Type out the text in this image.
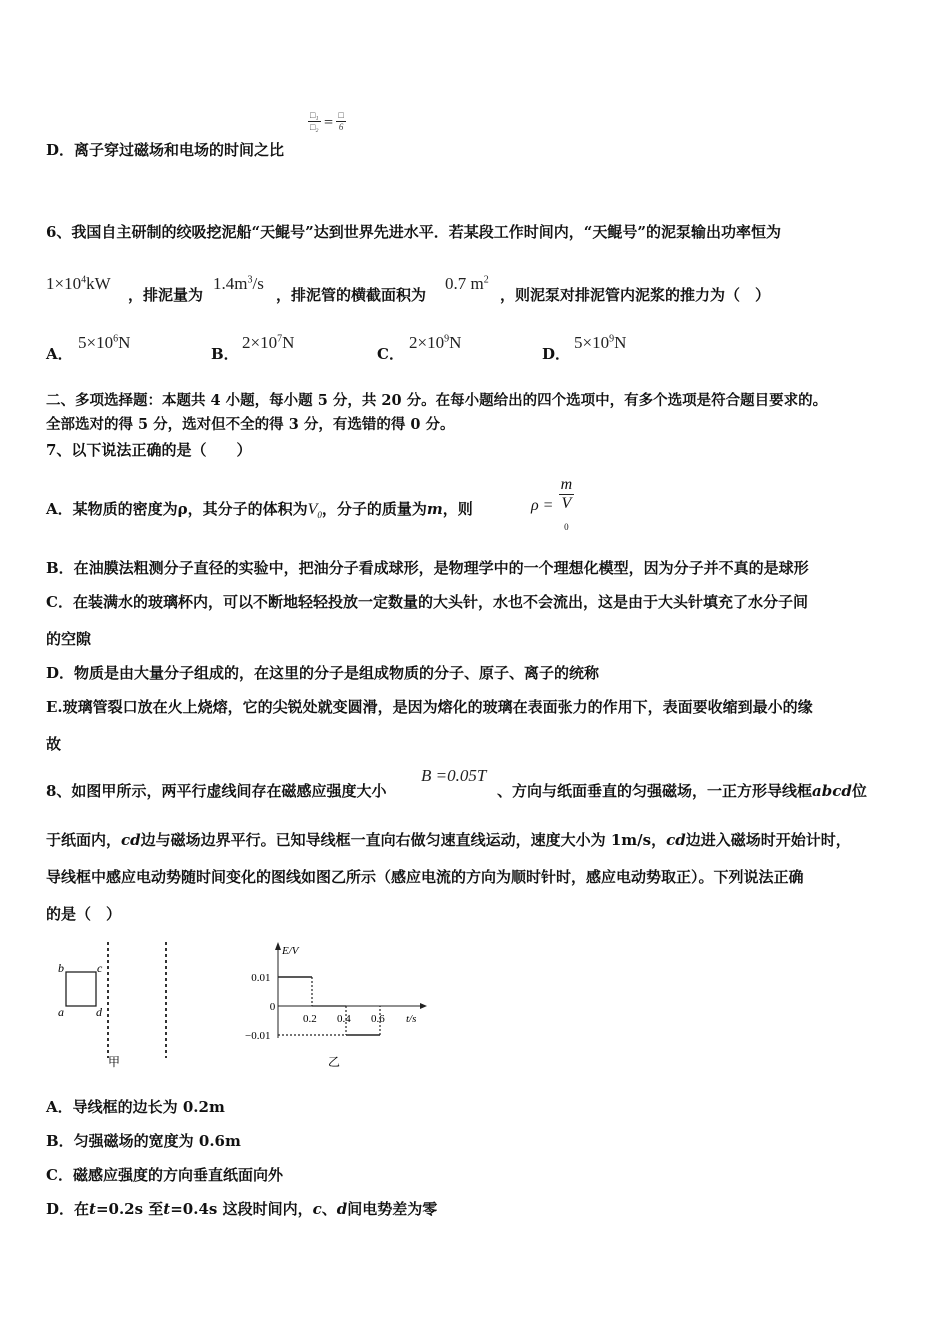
D．离子穿过磁场和电场的时间之比
$\frac{\text{□₁}}{\text{□₂}} = \frac{□}{6}$
6、我国自主研制的绞吸挖泥船“天鲲号”达到世界先进水平．若某段工作时间内，“天鲲号”的泥泵输出功率恒为
$1\times 10^4kW$
，排泥量为
$1.4m^3/s$
，排泥管的横截面积为
0.7 $m^2$
，则泥泵对排泥管内泥浆的推力为（　）
A．
$5\times 10^6N$
B．
$2\times 10^7N$
C．
$2\times 10^9N$
D．
$5\times 10^9N$
二、多项选择题：本题共 4 小题，每小题 5 分，共 20 分。在每小题给出的四个选项中，有多个选项是符合题目要求的。
全部选对的得 5 分，选对但不全的得 3 分，有选错的得 0 分。
7、以下说法正确的是（　　）
A．某物质的密度为ρ，其分子的体积为$V_0$，分子的质量为m，则	ρ = m
V
$_0$
B．在油膜法粗测分子直径的实验中，把油分子看成球形，是物理学中的一个理想化模型，因为分子并不真的是球形
C．在装满水的玻璃杯内，可以不断地轻轻投放一定数量的大头针，水也不会流出，这是由于大头针填充了水分子间
的空隙
D．物质是由大量分子组成的，在这里的分子是组成物质的分子、原子、离子的统称
E.玻璃管裂口放在火上烧熔，它的尖锐处就变圆滑，是因为熔化的玻璃在表面张力的作用下，表面要收缩到最小的缘
故
8、如图甲所示，两平行虚线间存在磁感应强度大小
B =0.05T
、方向与纸面垂直的匀强磁场，一正方形导线框abcd位
于纸面内，cd边与磁场边界平行。已知导线框一直向右做匀速直线运动，速度大小为 1m/s，cd边进入磁场时开始计时，
导线框中感应电动势随时间变化的图线如图乙所示（感应电流的方向为顺时针时，感应电动势取正）。下列说法正确
的是（　）
b	c
a	d
甲
E/V
t/s
0.2 0.4 0.6
0.01
0
−0.01
乙
A．导线框的边长为 0.2m
B．匀强磁场的宽度为 0.6m
C．磁感应强度的方向垂直纸面向外
D．在t=0.2s 至t=0.4s 这段时间内，c、d间电势差为零
